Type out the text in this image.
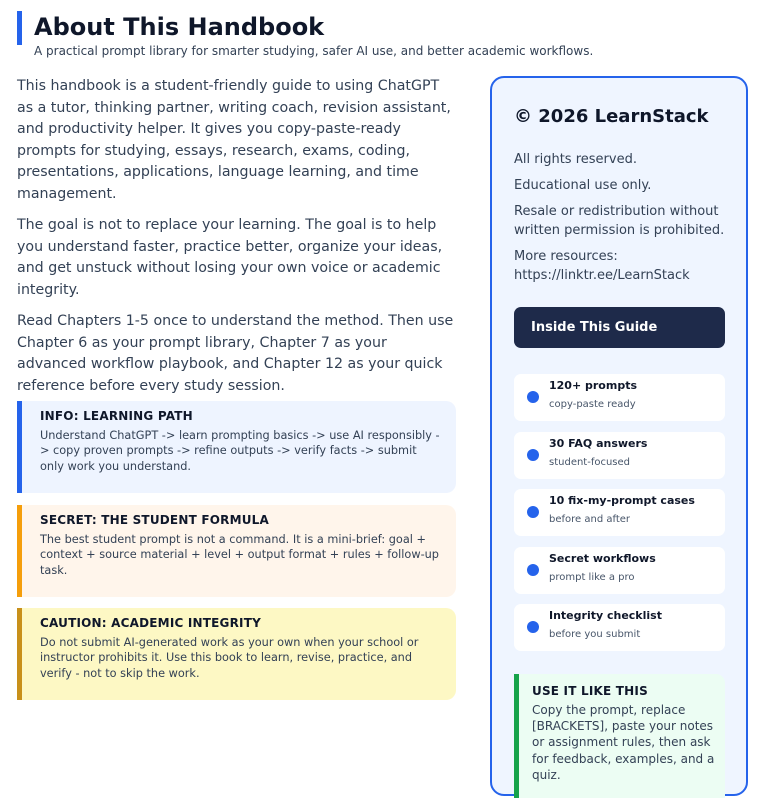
About This Handbook
A practical prompt library for smarter studying, safer AI use, and better academic workflows.

This handbook is a student-friendly guide to using ChatGPT as a tutor, thinking partner, writing coach, revision assistant, and productivity helper. It gives you copy-paste-ready prompts for studying, essays, research, exams, coding, presentations, applications, language learning, and time management.

The goal is not to replace your learning. The goal is to help you understand faster, practice better, organize your ideas, and get unstuck without losing your own voice or academic integrity.

Read Chapters 1-5 once to understand the method. Then use Chapter 6 as your prompt library, Chapter 7 as your advanced workflow playbook, and Chapter 12 as your quick reference before every study session.

INFO: LEARNING PATH
Understand ChatGPT -> learn prompting basics -> use AI responsibly -> copy proven prompts -> refine outputs -> verify facts -> submit only work you understand.
SECRET: THE STUDENT FORMULA
The best student prompt is not a command. It is a mini-brief: goal + context + source material + level + output format + rules + follow-up task.
CAUTION: ACADEMIC INTEGRITY
Do not submit AI-generated work as your own when your school or instructor prohibits it. Use this book to learn, revise, practice, and verify - not to skip the work.
© 2026 LearnStack
All rights reserved.
Educational use only.
Resale or redistribution without written permission is prohibited.
More resources: https://linktr.ee/LearnStack
Inside This Guide
120+ prompts
copy-paste ready
30 FAQ answers
student-focused
10 fix-my-prompt cases
before and after
Secret workflows
prompt like a pro
Integrity checklist
before you submit
USE IT LIKE THIS
Copy the prompt, replace [BRACKETS], paste your notes or assignment rules, then ask for feedback, examples, and a quiz.
